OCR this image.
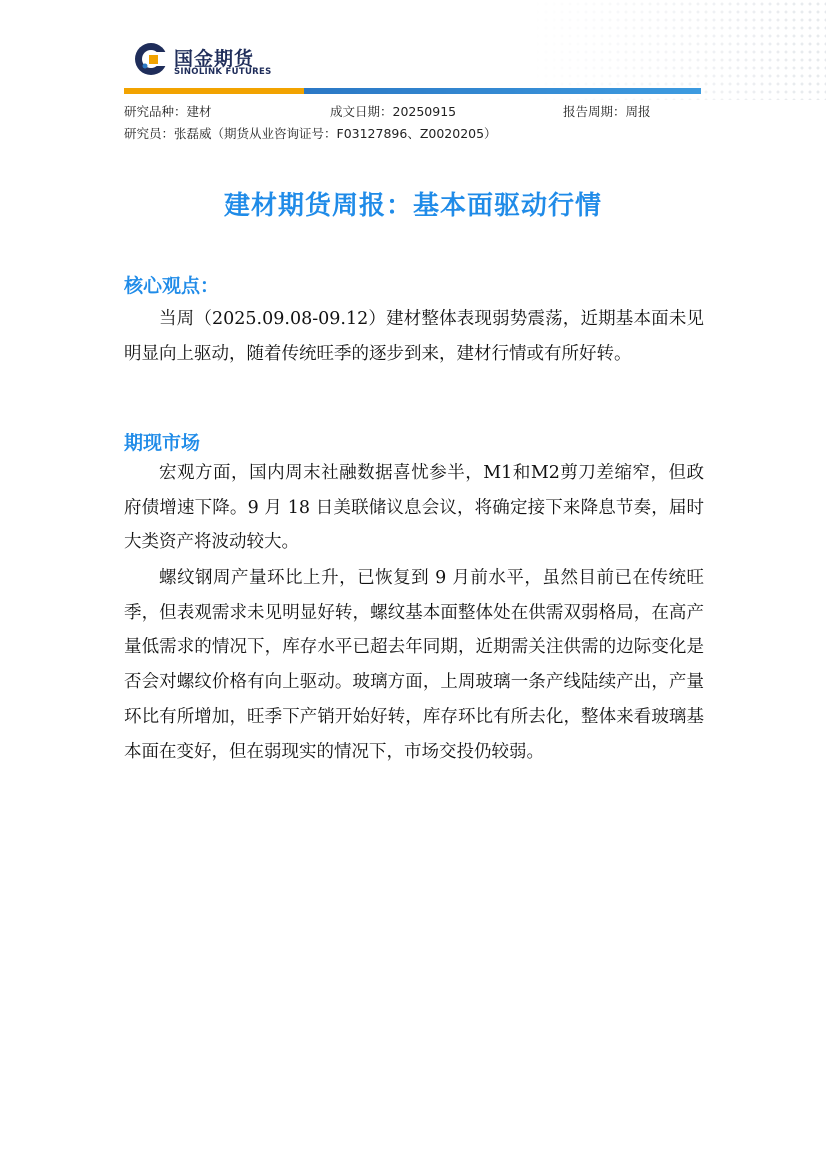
国金期货
SINOLINK FUTURES
研究品种：建材	成文日期：20250915	报告周期：周报
研究员：张磊威（期货从业咨询证号：F03127896、Z0020205）
建材期货周报：基本面驱动行情
核心观点：

当周（2025.09.08-09.12）建材整体表现弱势震荡，近期基本面未见明显向上驱动，随着传统旺季的逐步到来，建材行情或有所好转。

期现市场

宏观方面，国内周末社融数据喜忧参半，M1和M2剪刀差缩窄，但政府债增速下降。9 月 18 日美联储议息会议，将确定接下来降息节奏，届时大类资产将波动较大。

螺纹钢周产量环比上升，已恢复到 9 月前水平，虽然目前已在传统旺季，但表观需求未见明显好转，螺纹基本面整体处在供需双弱格局，在高产量低需求的情况下，库存水平已超去年同期，近期需关注供需的边际变化是否会对螺纹价格有向上驱动。玻璃方面，上周玻璃一条产线陆续产出，产量环比有所增加，旺季下产销开始好转，库存环比有所去化，整体来看玻璃基本面在变好，但在弱现实的情况下，市场交投仍较弱。
